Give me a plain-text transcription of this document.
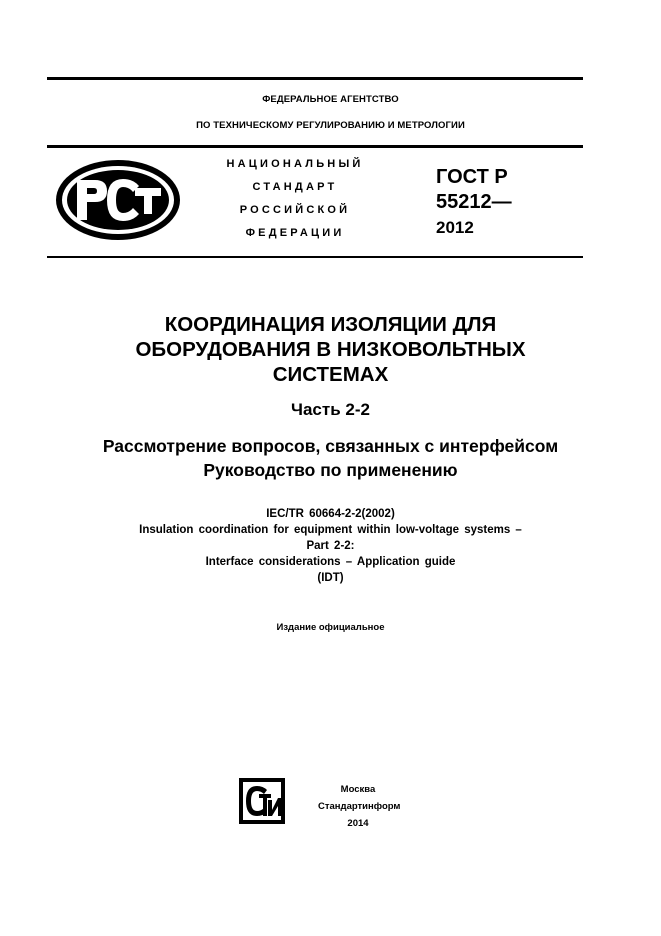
ФЕДЕРАЛЬНОЕ АГЕНТСТВО
ПО ТЕХНИЧЕСКОМУ РЕГУЛИРОВАНИЮ И МЕТРОЛОГИИ
НАЦИОНАЛЬНЫЙ
СТАНДАРТ
РОССИЙСКОЙ
ФЕДЕРАЦИИ
ГОСТ Р
55212—
2012
КООРДИНАЦИЯ ИЗОЛЯЦИИ ДЛЯ
ОБОРУДОВАНИЯ В НИЗКОВОЛЬТНЫХ
СИСТЕМАХ
Часть 2-2
Рассмотрение вопросов, связанных с интерфейсом
Руководство по применению
IEC/TR 60664-2-2(2002)
Insulation coordination for equipment within low-voltage systems –
Part 2-2:
Interface considerations – Application guide
(IDT)
Издание официальное
Москва
Стандартинформ
2014
